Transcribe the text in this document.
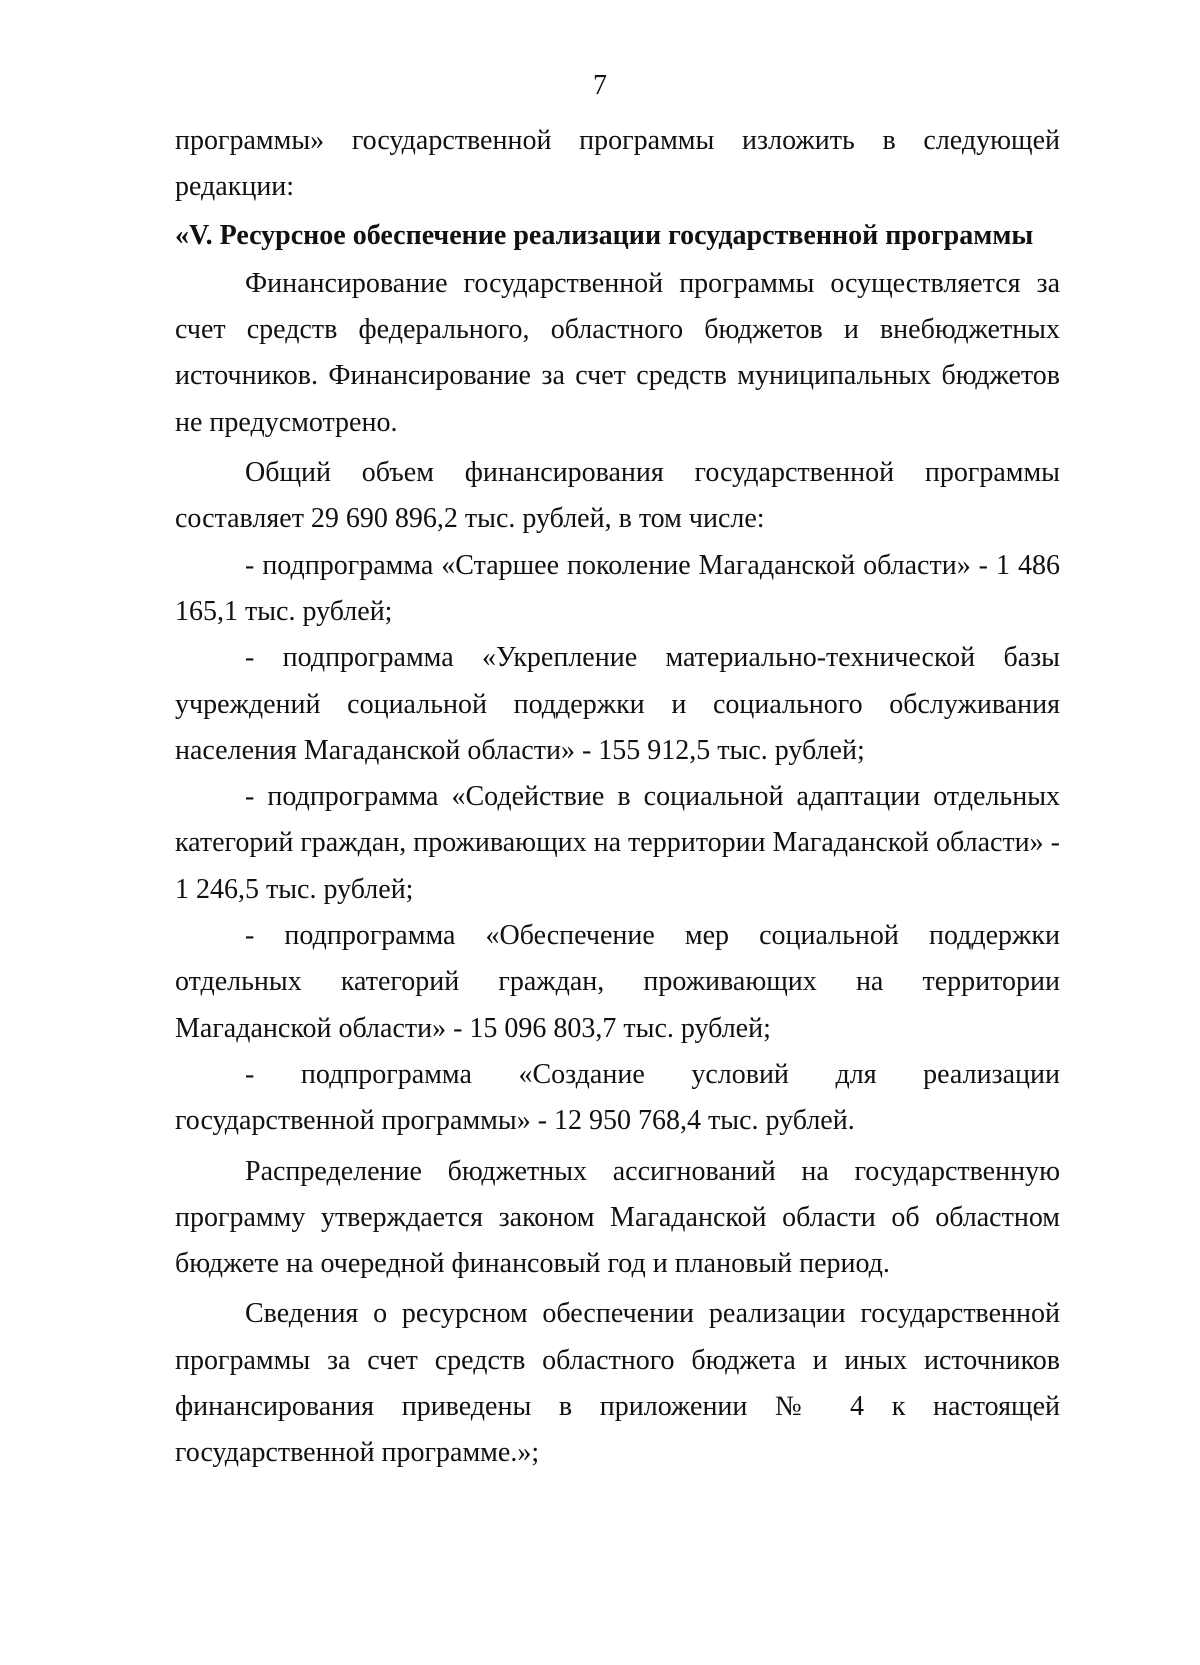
7

программы» государственной программы изложить в следующей редакции:

«V. Ресурсное обеспечение реализации государственной программы

Финансирование государственной программы осуществляется за счет средств федерального, областного бюджетов и внебюджетных источников. Финансирование за счет средств муниципальных бюджетов не предусмотрено.

Общий объем финансирования государственной программы составляет 29 690 896,2 тыс. рублей, в том числе:

- подпрограмма «Старшее поколение Магаданской области» - 1 486 165,1 тыс. рублей;

- подпрограмма «Укрепление материально-технической базы учреждений социальной поддержки и социального обслуживания населения Магаданской области» - 155 912,5 тыс. рублей;

- подпрограмма «Содействие в социальной адаптации отдельных категорий граждан, проживающих на территории Магаданской области» - 1 246,5 тыс. рублей;

- подпрограмма «Обеспечение мер социальной поддержки отдельных категорий граждан, проживающих на территории Магаданской области» - 15 096 803,7 тыс. рублей;

- подпрограмма «Создание условий для реализации государственной программы» - 12 950 768,4 тыс. рублей.

Распределение бюджетных ассигнований на государственную программу утверждается законом Магаданской области об областном бюджете на очередной финансовый год и плановый период.

Сведения о ресурсном обеспечении реализации государственной программы за счет средств областного бюджета и иных источников финансирования приведены в приложении № 4 к настоящей государственной программе.»;
